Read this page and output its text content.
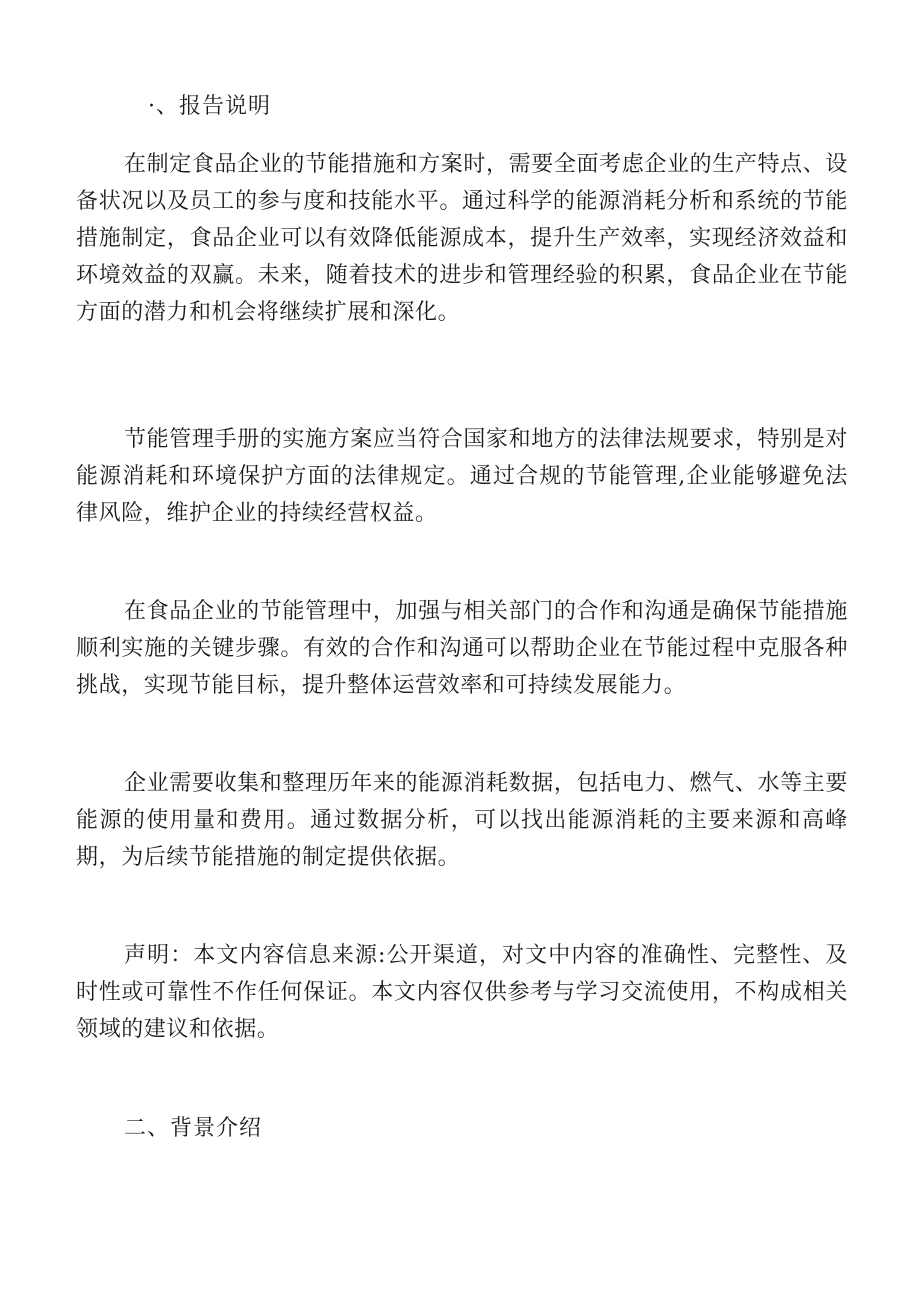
·、报告说明

在制定食品企业的节能措施和方案时，需要全面考虑企业的生产特点、设备状况以及员工的参与度和技能水平。通过科学的能源消耗分析和系统的节能措施制定，食品企业可以有效降低能源成本，提升生产效率，实现经济效益和环境效益的双赢。未来，随着技术的进步和管理经验的积累，食品企业在节能方面的潜力和机会将继续扩展和深化。

节能管理手册的实施方案应当符合国家和地方的法律法规要求，特别是对能源消耗和环境保护方面的法律规定。通过合规的节能管理,企业能够避免法律风险，维护企业的持续经营权益。

在食品企业的节能管理中，加强与相关部门的合作和沟通是确保节能措施顺利实施的关键步骤。有效的合作和沟通可以帮助企业在节能过程中克服各种挑战，实现节能目标，提升整体运营效率和可持续发展能力。

企业需要收集和整理历年来的能源消耗数据，包括电力、燃气、水等主要能源的使用量和费用。通过数据分析，可以找出能源消耗的主要来源和高峰期，为后续节能措施的制定提供依据。

声明：本文内容信息来源:公开渠道，对文中内容的准确性、完整性、及时性或可靠性不作任何保证。本文内容仅供参考与学习交流使用，不构成相关领域的建议和依据。

二、背景介绍
